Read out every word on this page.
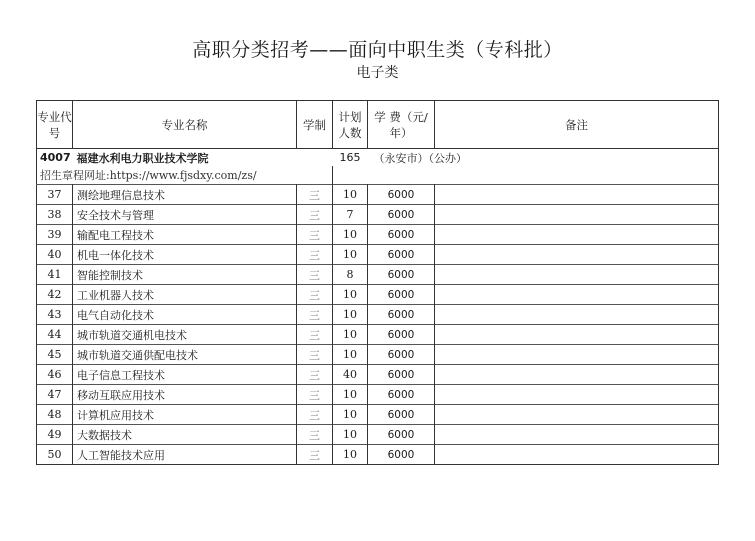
高职分类招考——面向中职生类（专科批）
电子类
专业代号	专业名称	学制	计划人数	学 费（元/年）	备注
4007	福建水利电力职业技术学院		165	（永安市）（公办）	
招生章程网址:https://www.fjsdxy.com/zs/					
37	测绘地理信息技术	三	10	6000	
38	安全技术与管理	三	7	6000	
39	输配电工程技术	三	10	6000	
40	机电一体化技术	三	10	6000	
41	智能控制技术	三	8	6000	
42	工业机器人技术	三	10	6000	
43	电气自动化技术	三	10	6000	
44	城市轨道交通机电技术	三	10	6000	
45	城市轨道交通供配电技术	三	10	6000	
46	电子信息工程技术	三	40	6000	
47	移动互联应用技术	三	10	6000	
48	计算机应用技术	三	10	6000	
49	大数据技术	三	10	6000	
50	人工智能技术应用	三	10	6000	
